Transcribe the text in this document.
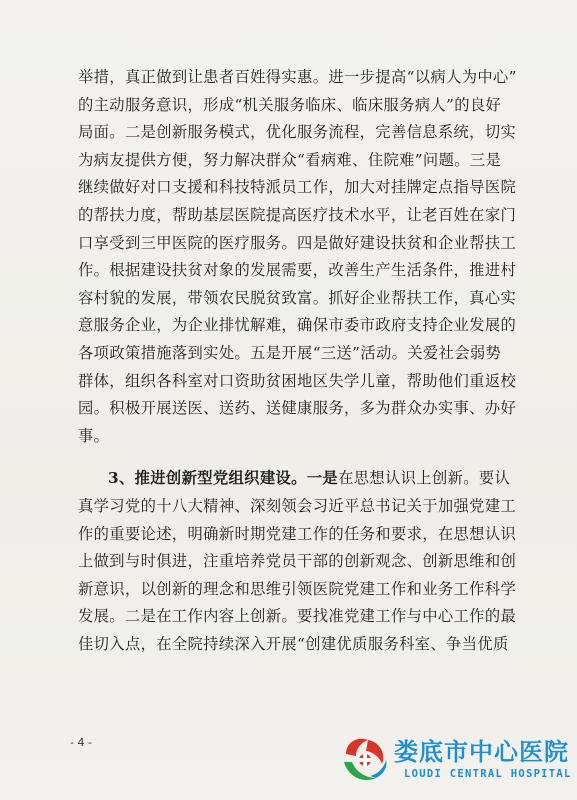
举措，真正做到让患者百姓得实惠。进一步提高“以病人为中心”
的主动服务意识，形成“机关服务临床、临床服务病人”的良好
局面。二是创新服务模式，优化服务流程，完善信息系统，切实
为病友提供方便，努力解决群众“看病难、住院难”问题。三是
继续做好对口支援和科技特派员工作，加大对挂牌定点指导医院
的帮扶力度，帮助基层医院提高医疗技术水平，让老百姓在家门
口享受到三甲医院的医疗服务。四是做好建设扶贫和企业帮扶工
作。根据建设扶贫对象的发展需要，改善生产生活条件，推进村
容村貌的发展，带领农民脱贫致富。抓好企业帮扶工作，真心实
意服务企业，为企业排忧解难，确保市委市政府支持企业发展的
各项政策措施落到实处。五是开展“三送”活动。关爱社会弱势
群体，组织各科室对口资助贫困地区失学儿童，帮助他们重返校
园。积极开展送医、送药、送健康服务，多为群众办实事、办好
事。
3、推进创新型党组织建设。一是在思想认识上创新。要认
真学习党的十八大精神、深刻领会习近平总书记关于加强党建工
作的重要论述，明确新时期党建工作的任务和要求，在思想认识
上做到与时俱进，注重培养党员干部的创新观念、创新思维和创
新意识，以创新的理念和思维引领医院党建工作和业务工作科学
发展。二是在工作内容上创新。要找准党建工作与中心工作的最
佳切入点，在全院持续深入开展“创建优质服务科室、争当优质
- 4 -	娄底市中心医院
LOUDI CENTRAL HOSPITAL
